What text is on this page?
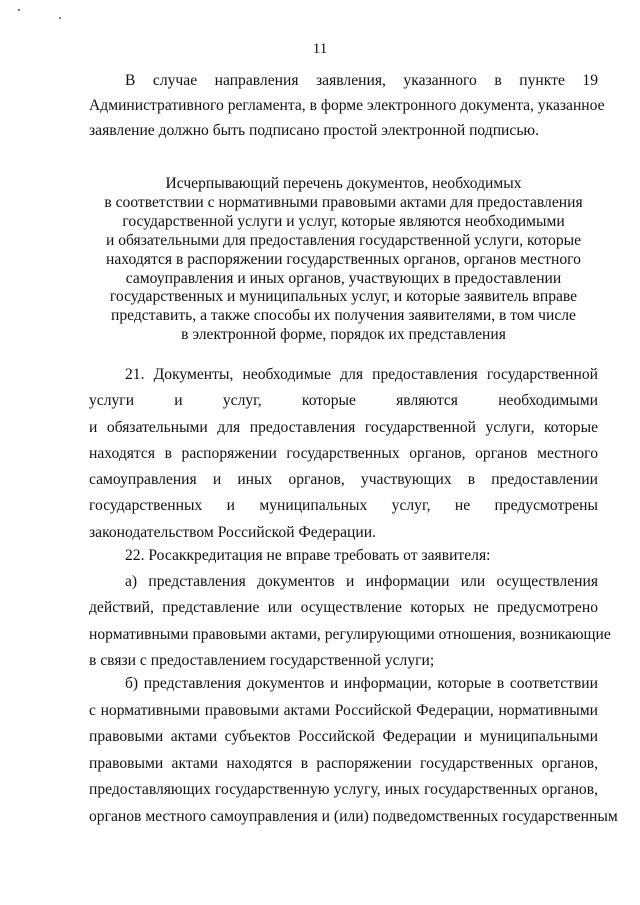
11

В случае направления заявления, указанного в пункте 19
Административного регламента, в форме электронного документа, указанное
заявление должно быть подписано простой электронной подписью.

Исчерпывающий перечень документов, необходимых
в соответствии с нормативными правовыми актами для предоставления
государственной услуги и услуг, которые являются необходимыми
и обязательными для предоставления государственной услуги, которые
находятся в распоряжении государственных органов, органов местного
самоуправления и иных органов, участвующих в предоставлении
государственных и муниципальных услуг, и которые заявитель вправе
представить, а также способы их получения заявителями, в том числе
в электронной форме, порядок их представления

21. Документы, необходимые для предоставления государственной
услуги и услуг, которые являются необходимыми
и обязательными для предоставления государственной услуги, которые
находятся в распоряжении государственных органов, органов местного
самоуправления и иных органов, участвующих в предоставлении
государственных и муниципальных услуг, не предусмотрены
законодательством Российской Федерации.

22. Росаккредитация не вправе требовать от заявителя:

а) представления документов и информации или осуществления
действий, представление или осуществление которых не предусмотрено
нормативными правовыми актами, регулирующими отношения, возникающие
в связи с предоставлением государственной услуги;

б) представления документов и информации, которые в соответствии
с нормативными правовыми актами Российской Федерации, нормативными
правовыми актами субъектов Российской Федерации и муниципальными
правовыми актами находятся в распоряжении государственных органов,
предоставляющих государственную услугу, иных государственных органов,
органов местного самоуправления и (или) подведомственных государственным
